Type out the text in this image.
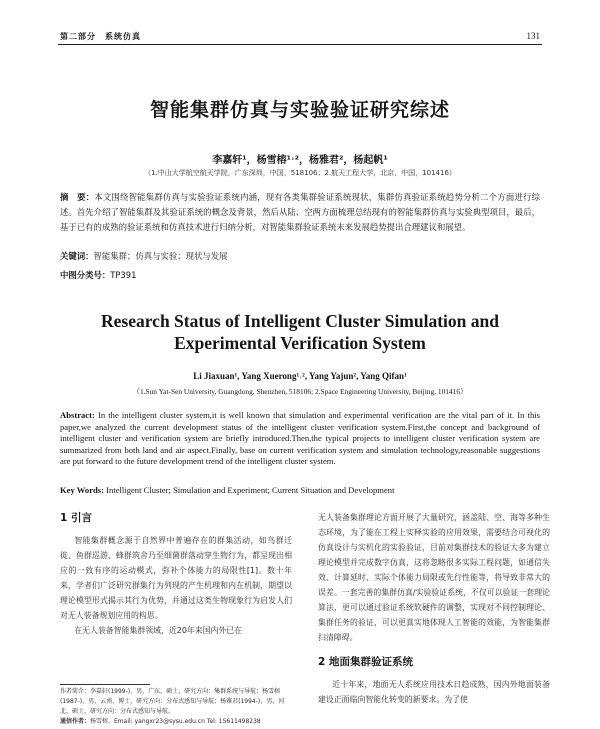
第二部分　系统仿真	131
智能集群仿真与实验验证研究综述
李嘉轩¹，杨雪榕¹˒²，杨雅君²，杨起帆¹
（1.中山大学航空航天学院，广东深圳，中国，518106；2.航天工程大学，北京，中国，101416）
摘　要：本文围绕智能集群仿真与实验验证系统内涵，现有各类集群验证系统现状，集群仿真验证系统趋势分析二个方面进行综述。首先介绍了智能集群及其验证系统的概念及背景，然后从陆、空两方面梳理总结现有的智能集群仿真与实验典型项目，最后，基于已有的成熟的验证系统和仿真技术进行归纳分析，对智能集群验证系统未来发展趋势提出合理建议和展望。
关键词：智能集群；仿真与实验；现状与发展
中图分类号：TP391
Research Status of Intelligent Cluster Simulation and Experimental Verification System
Li Jiaxuan¹, Yang Xuerong¹˒², Yang Yajun², Yang Qifan¹
（1.Sun Yat-Sen University, Guangdong, Shenzhen, 518106; 2.Space Engineering University, Beijing, 101416）
Abstract: In the intelligent cluster system,it is well known that simulation and experimental verification are the vital part of it. In this paper,we analyzed the current development status of the intelligent cluster verification system.First,the concept and background of intelligent cluster and verification system are briefly introduced.Then,the typical projects to intelligent cluster verification system are summarized from both land and air aspect.Finally, base on current verification system and simulation technology,reasonable suggestions are put forward to the future development trend of the intelligent cluster system.
Key Words: Intelligent Cluster; Simulation and Experiment; Current Situation and Development
1 引言

智能集群概念源于自然界中普遍存在的群集活动，如鸟群迁徙、鱼群巡游、蜂群筑舍乃至细菌群落动穿生物行为，都呈现出相应的一致有序的运动模式，弥补个体能力的局限性[1]。数十年来，学者们广泛研究群集行为列现的产生机理和内在机制，期望以理论模型形式揭示其行为优势，并通过这类生物现象行为启发人们对无人装备规划应用的构思。

在无人装备智能集群领域，近20年来国内外已在

无人装备集群理论方面开展了大量研究，涵盖陆、空、海等多种生态环境，为了能在工程上实释实验的应用效果，需要结合可视化的仿真设计与实机化的实验验证，目前对集群技术的验证大多为建立理论模型并完成数字仿真，这将忽略很多实际工程问题，如通信失效、计算延时、实际个体能力局限或先行性能等，将导致非常大的误差。一套完善的集群仿真/实验验证系统，不仅可以验证一套理论算法，更可以通过验证系统软硬件的调整，实现对不同控制理论、集群任务的验证，可以更真实地体现人工智能的效能，为智能集群扫清障碍。

2 地面集群验证系统

近十年来，地面无人系统应用技术日趋成熟，国内外地面装备建设正面临向智能化转变的新要求。为了使

作者简介：李嘉轩(1999-)，男，广东，硕士，研究方向：集群系统与导航；杨雪榕(1987-)，男，云南，博士，研究方向：分布式感知与导航；杨雅君(1994-)，男，河北，硕士，研究方向：分布式感知与导航。
通信作者：杨雪榕，Email: yangxr23@sysu.edu.cn Tel: 15611498238
